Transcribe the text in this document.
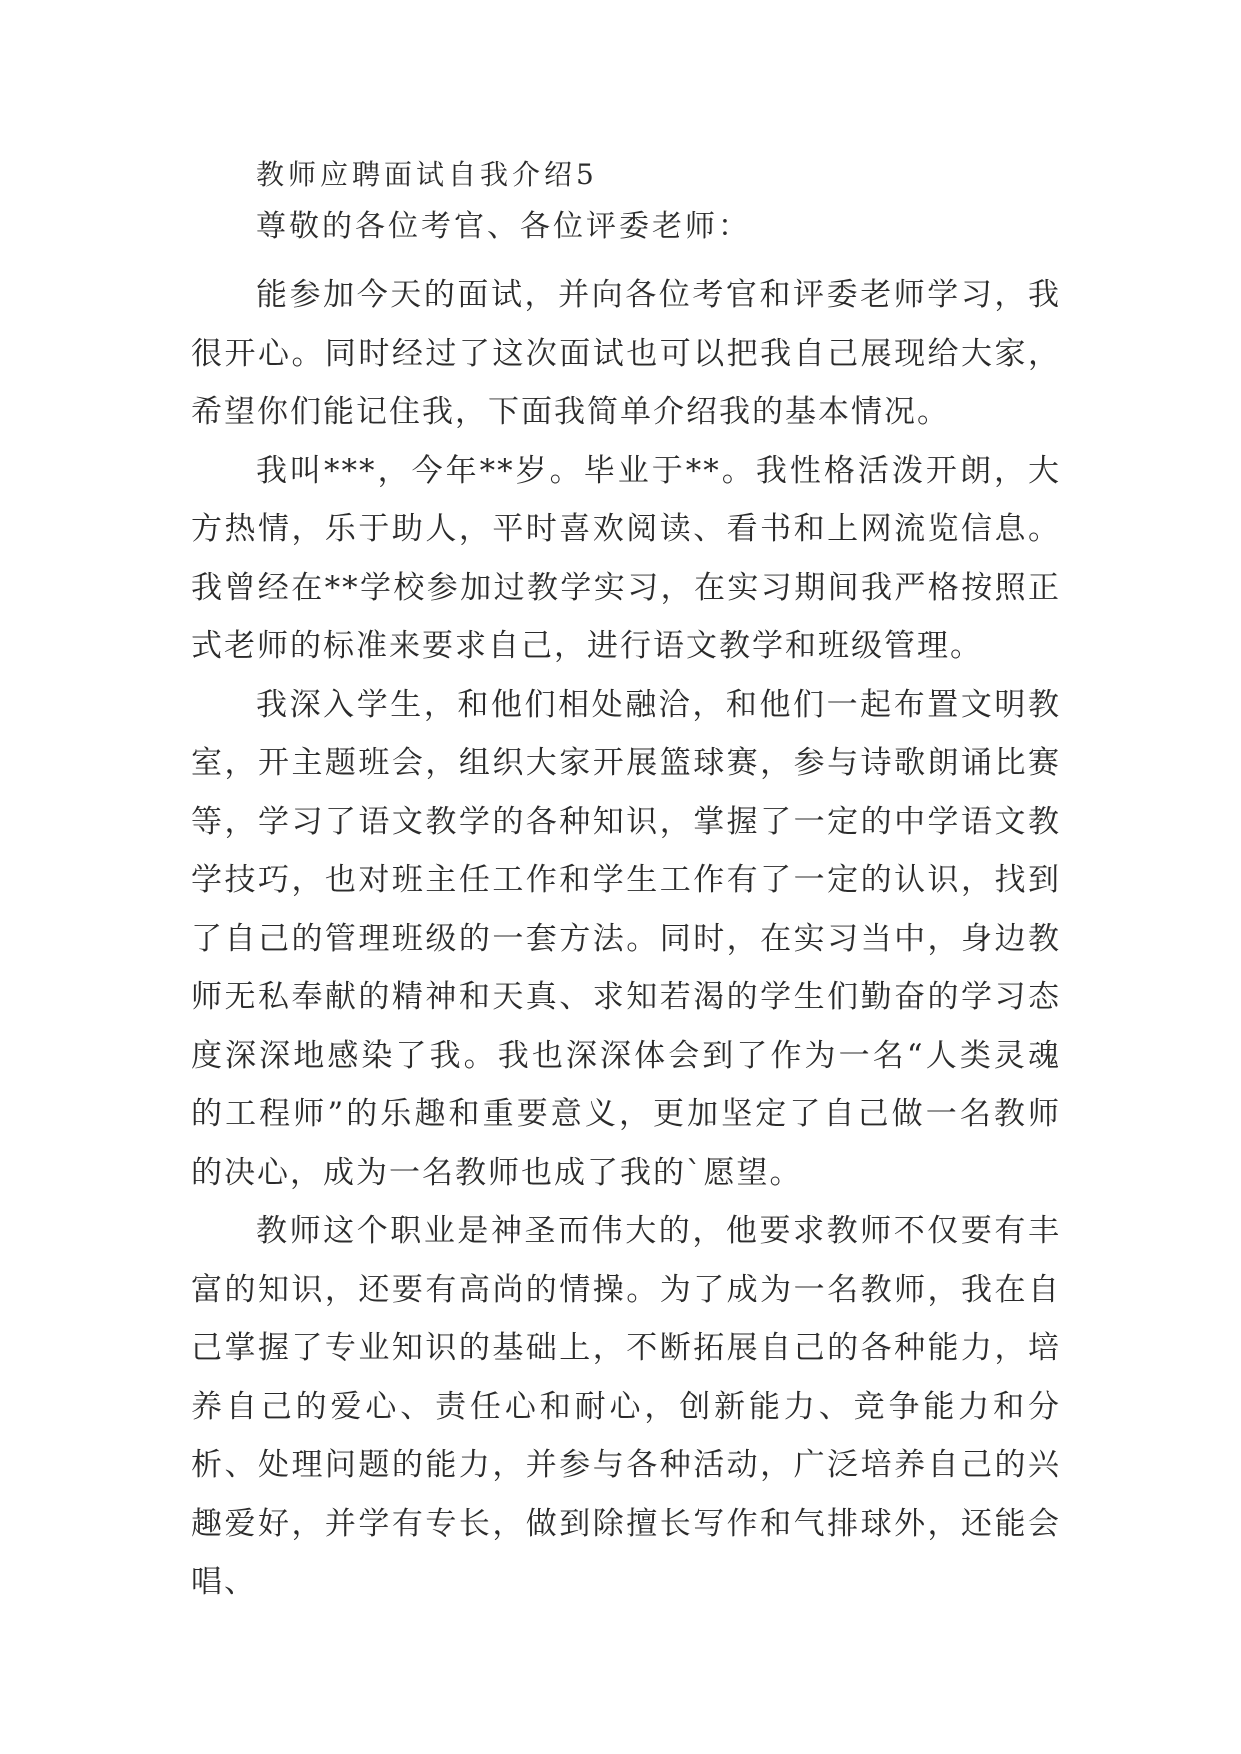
教师应聘面试自我介绍5

尊敬的各位考官、各位评委老师：

能参加今天的面试，并向各位考官和评委老师学习，我很开心。同时经过了这次面试也可以把我自己展现给大家，希望你们能记住我，下面我简单介绍我的基本情况。

我叫***，今年**岁。毕业于**。我性格活泼开朗，大方热情，乐于助人，平时喜欢阅读、看书和上网流览信息。我曾经在**学校参加过教学实习，在实习期间我严格按照正式老师的标准来要求自己，进行语文教学和班级管理。

我深入学生，和他们相处融洽，和他们一起布置文明教室，开主题班会，组织大家开展篮球赛，参与诗歌朗诵比赛等，学习了语文教学的各种知识，掌握了一定的中学语文教学技巧，也对班主任工作和学生工作有了一定的认识，找到了自己的管理班级的一套方法。同时，在实习当中，身边教师无私奉献的精神和天真、求知若渴的学生们勤奋的学习态度深深地感染了我。我也深深体会到了作为一名“人类灵魂的工程师”的乐趣和重要意义，更加坚定了自己做一名教师的决心，成为一名教师也成了我的`愿望。

教师这个职业是神圣而伟大的，他要求教师不仅要有丰富的知识，还要有高尚的情操。为了成为一名教师，我在自己掌握了专业知识的基础上，不断拓展自己的各种能力，培养自己的爱心、责任心和耐心，创新能力、竞争能力和分析、处理问题的能力，并参与各种活动，广泛培养自己的兴趣爱好，并学有专长，做到除擅长写作和气排球外，还能会唱、
